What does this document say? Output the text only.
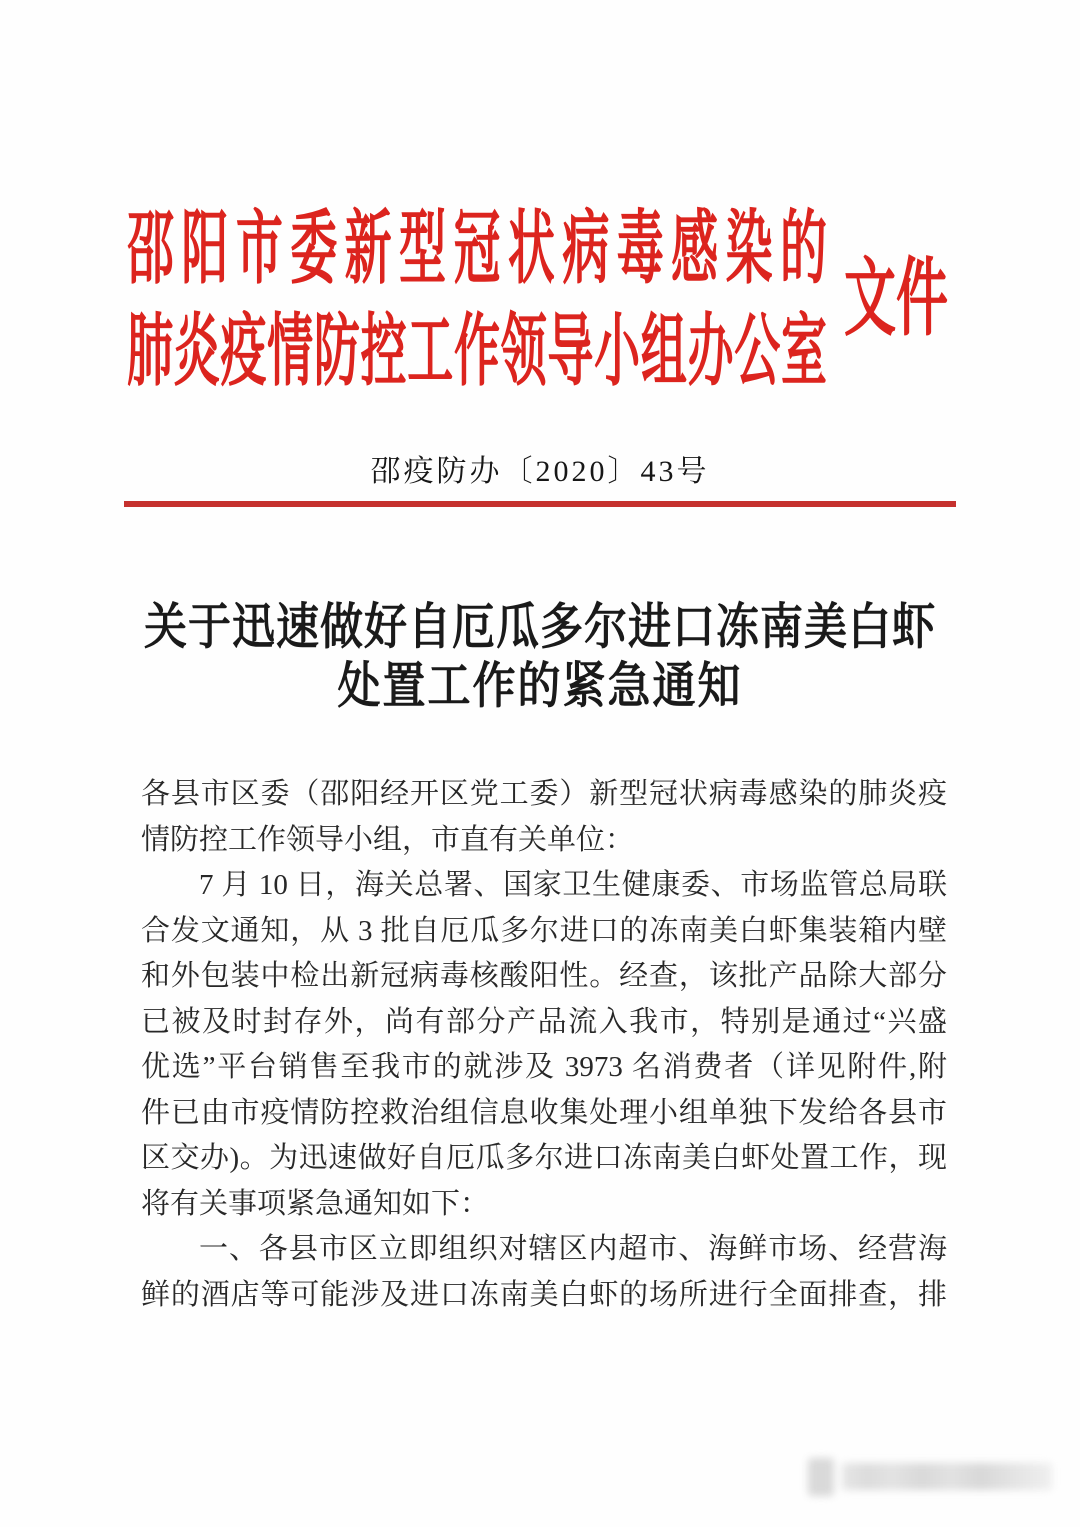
邵阳市委新型冠状病毒感染的
肺炎疫情防控工作领导小组办公室
文件
邵疫防办〔2020〕43号
关于迅速做好自厄瓜多尔进口冻南美白虾
处置工作的紧急通知
各县市区委（邵阳经开区党工委）新型冠状病毒感染的肺炎疫
情防控工作领导小组，市直有关单位：
7 月 10 日，海关总署、国家卫生健康委、市场监管总局联
合发文通知，从 3 批自厄瓜多尔进口的冻南美白虾集装箱内壁
和外包装中检出新冠病毒核酸阳性。经查，该批产品除大部分
已被及时封存外，尚有部分产品流入我市，特别是通过“兴盛
优选”平台销售至我市的就涉及 3973 名消费者（详见附件,附
件已由市疫情防控救治组信息收集处理小组单独下发给各县市
区交办)。为迅速做好自厄瓜多尔进口冻南美白虾处置工作，现
将有关事项紧急通知如下：
一、各县市区立即组织对辖区内超市、海鲜市场、经营海
鲜的酒店等可能涉及进口冻南美白虾的场所进行全面排查，排
